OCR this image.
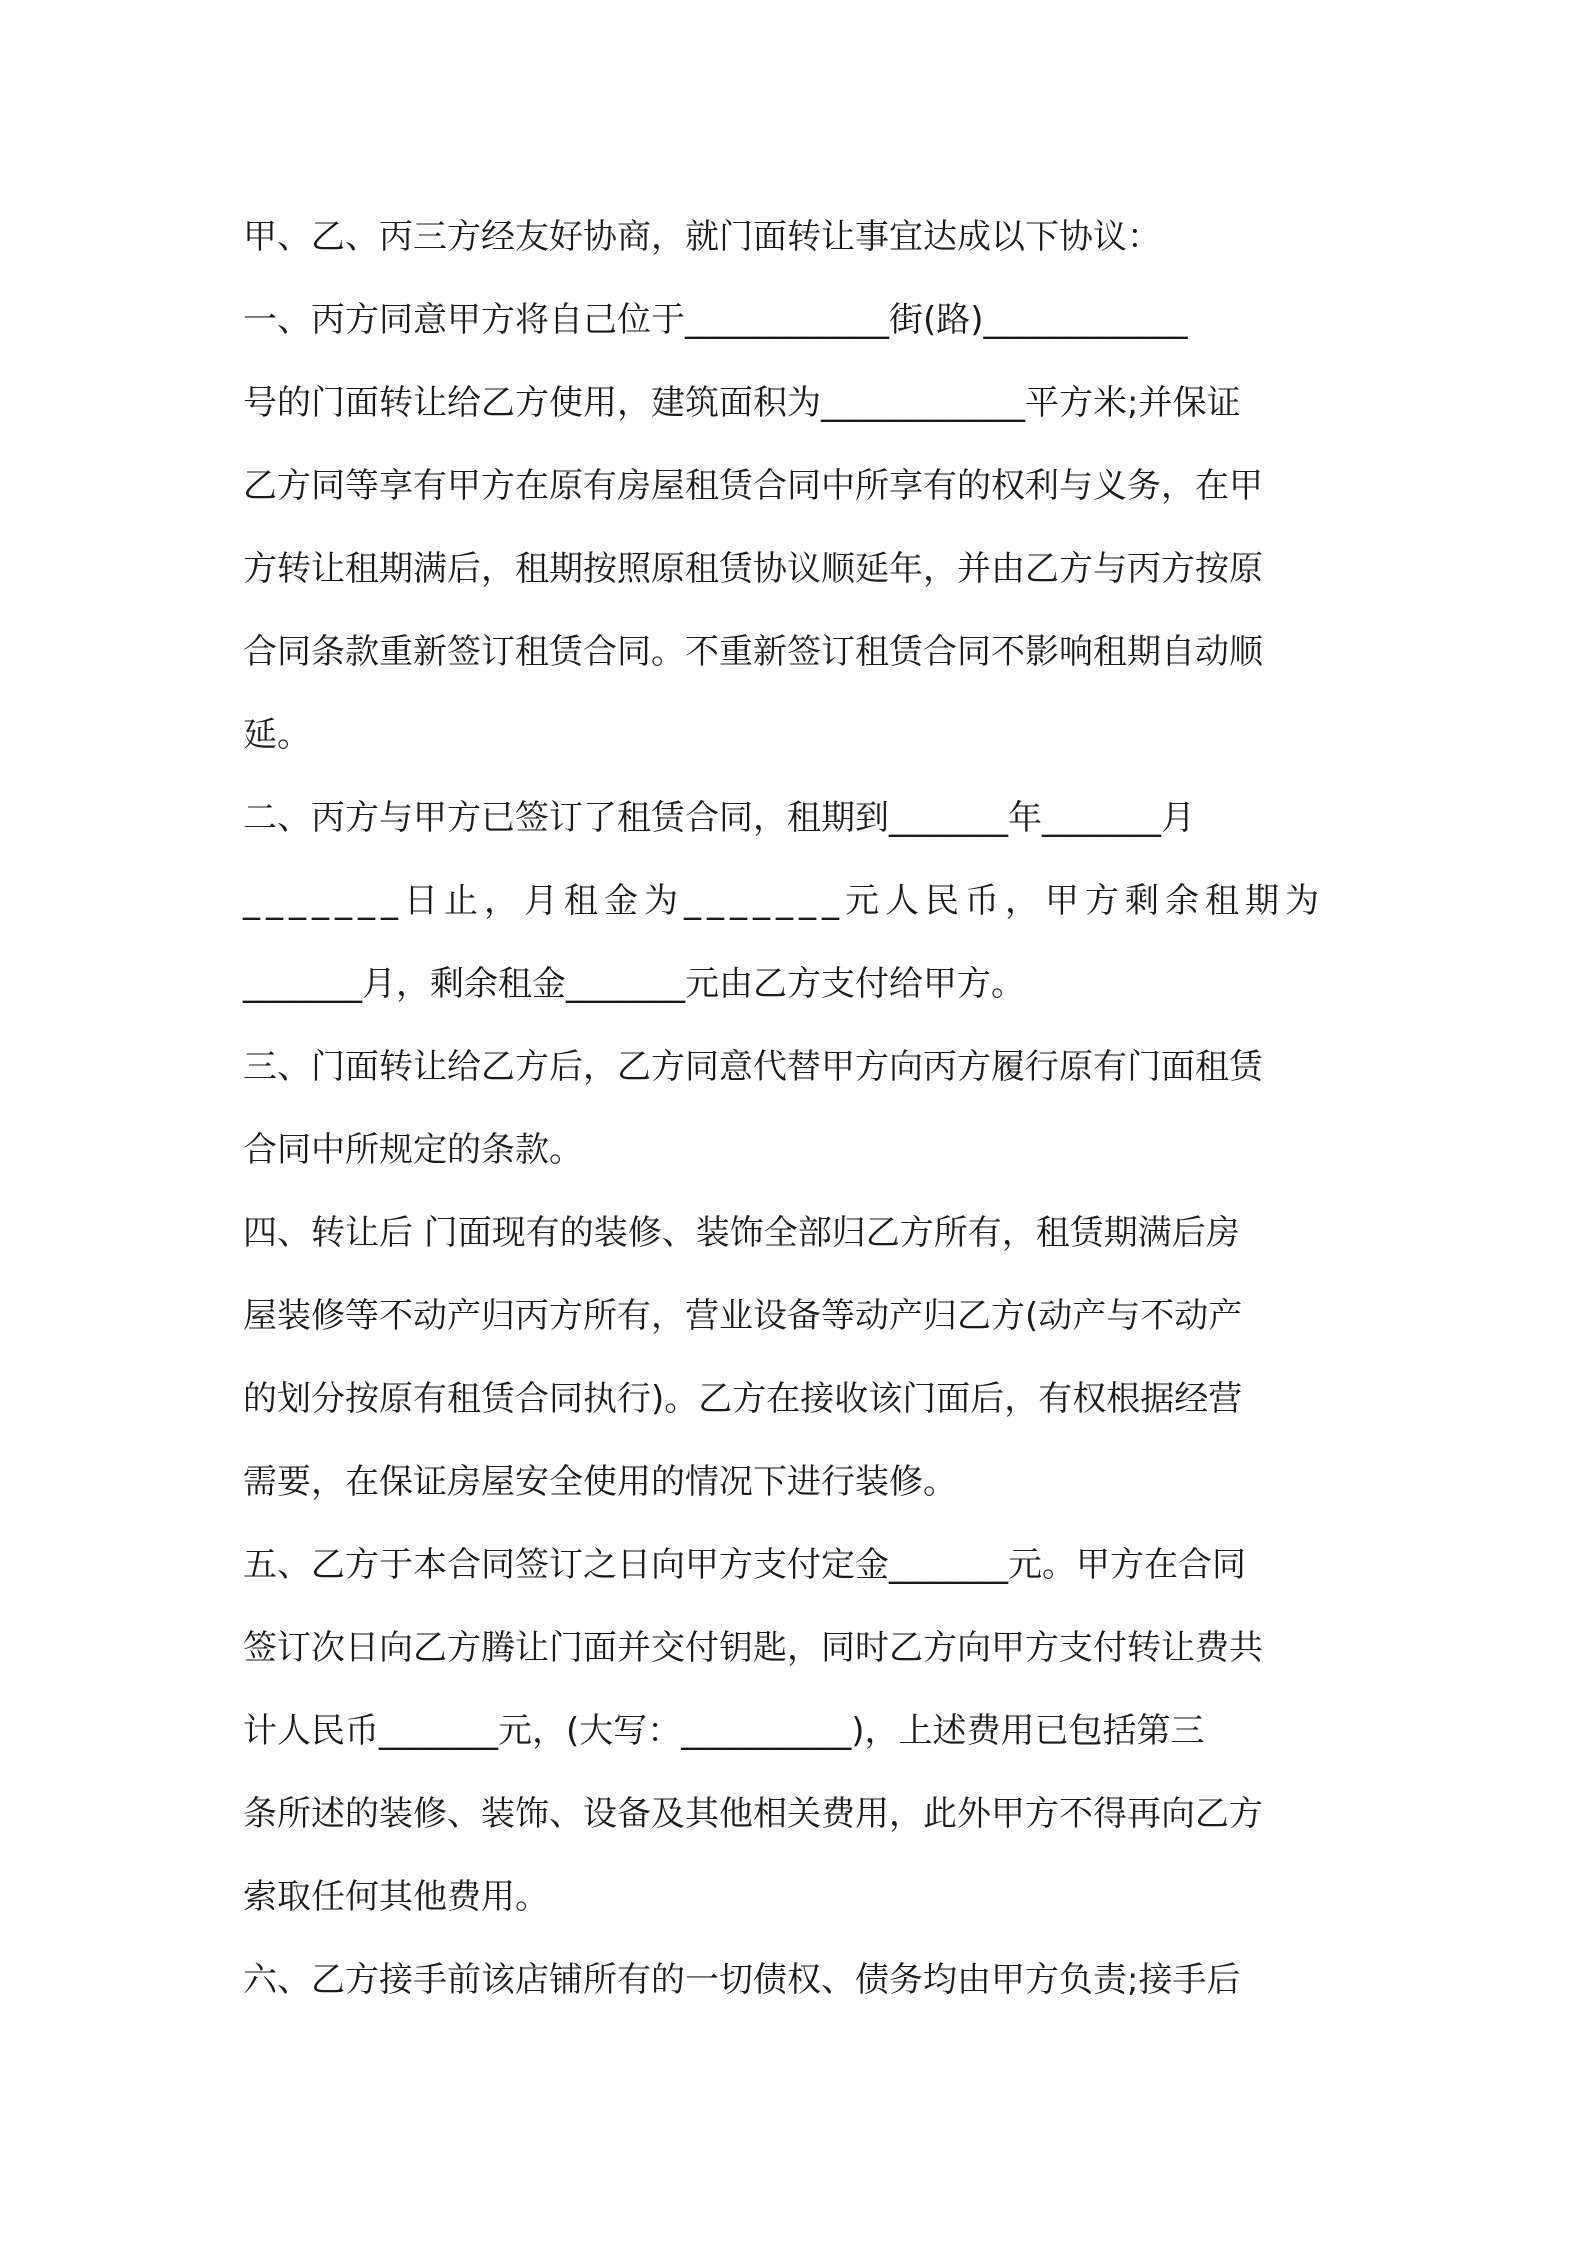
甲、乙、丙三方经友好协商，就门面转让事宜达成以下协议：

一、丙方同意甲方将自己位于____________街(路)____________

号的门面转让给乙方使用，建筑面积为____________平方米;并保证

乙方同等享有甲方在原有房屋租赁合同中所享有的权利与义务，在甲

方转让租期满后，租期按照原租赁协议顺延年，并由乙方与丙方按原

合同条款重新签订租赁合同。不重新签订租赁合同不影响租期自动顺

延。

二、丙方与甲方已签订了租赁合同，租期到_______年_______月

_______日止，月租金为_______元人民币，甲方剩余租期为

_______月，剩余租金_______元由乙方支付给甲方。

三、门面转让给乙方后，乙方同意代替甲方向丙方履行原有门面租赁

合同中所规定的条款。

四、转让后 门面现有的装修、装饰全部归乙方所有，租赁期满后房

屋装修等不动产归丙方所有，营业设备等动产归乙方(动产与不动产

的划分按原有租赁合同执行)。乙方在接收该门面后，有权根据经营

需要，在保证房屋安全使用的情况下进行装修。

五、乙方于本合同签订之日向甲方支付定金_______元。甲方在合同

签订次日向乙方腾让门面并交付钥匙，同时乙方向甲方支付转让费共

计人民币_______元，(大写：__________)，上述费用已包括第三

条所述的装修、装饰、设备及其他相关费用，此外甲方不得再向乙方

索取任何其他费用。

六、乙方接手前该店铺所有的一切债权、债务均由甲方负责;接手后
